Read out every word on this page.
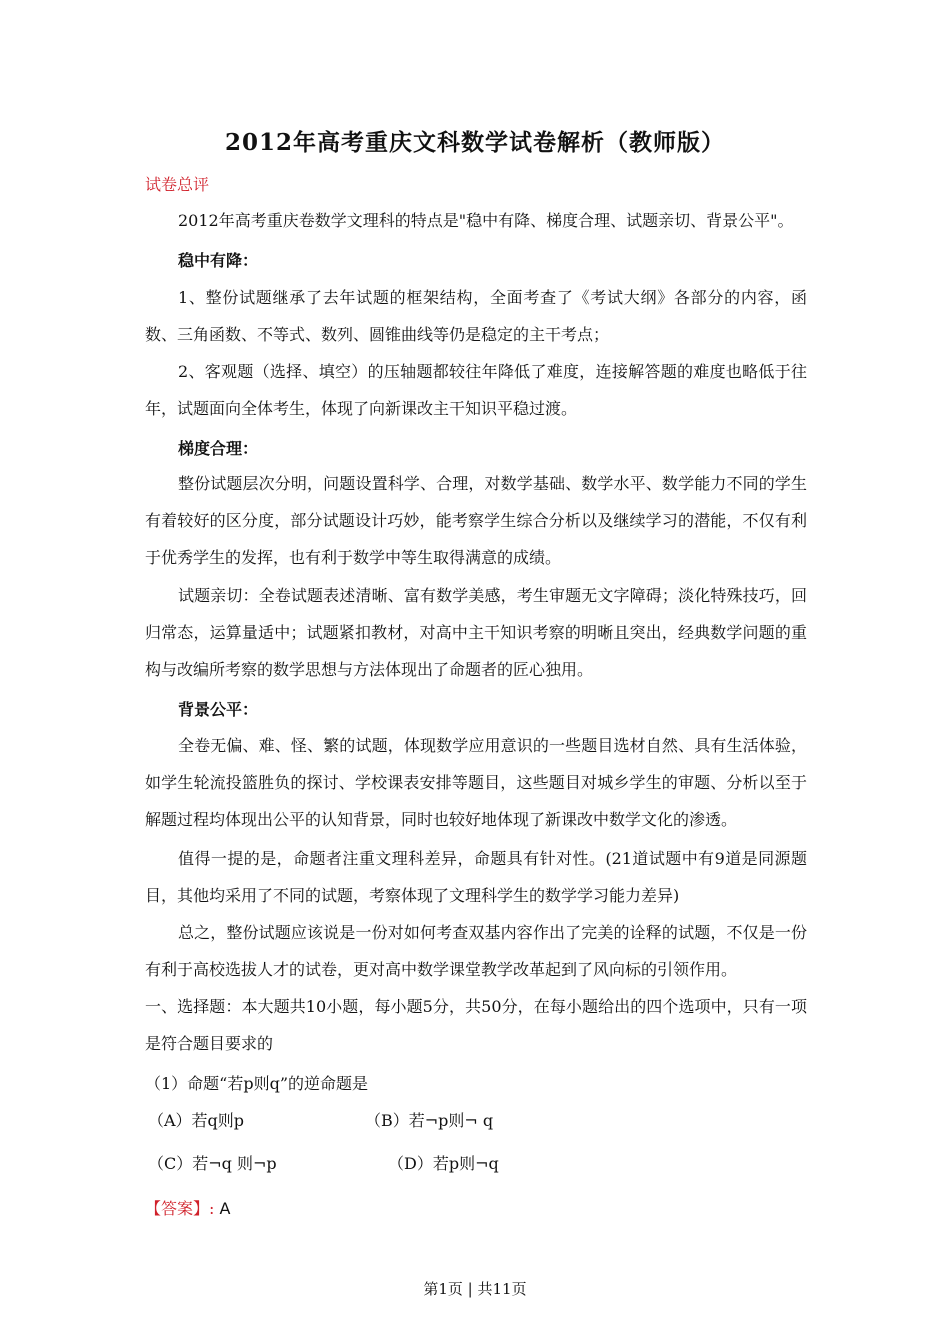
2012年高考重庆文科数学试卷解析（教师版）
试卷总评
2012年高考重庆卷数学文理科的特点是"稳中有降、梯度合理、试题亲切、背景公平"。
稳中有降：
1、整份试题继承了去年试题的框架结构，全面考查了《考试大纲》各部分的内容，函数、三角函数、不等式、数列、圆锥曲线等仍是稳定的主干考点；
2、客观题（选择、填空）的压轴题都较往年降低了难度，连接解答题的难度也略低于往年，试题面向全体考生，体现了向新课改主干知识平稳过渡。
梯度合理：
整份试题层次分明，问题设置科学、合理，对数学基础、数学水平、数学能力不同的学生有着较好的区分度，部分试题设计巧妙，能考察学生综合分析以及继续学习的潜能，不仅有利于优秀学生的发挥，也有利于数学中等生取得满意的成绩。
试题亲切：全卷试题表述清晰、富有数学美感，考生审题无文字障碍；淡化特殊技巧，回归常态，运算量适中；试题紧扣教材，对高中主干知识考察的明晰且突出，经典数学问题的重构与改编所考察的数学思想与方法体现出了命题者的匠心独用。
背景公平：
全卷无偏、难、怪、繁的试题，体现数学应用意识的一些题目选材自然、具有生活体验，如学生轮流投篮胜负的探讨、学校课表安排等题目，这些题目对城乡学生的审题、分析以至于解题过程均体现出公平的认知背景，同时也较好地体现了新课改中数学文化的渗透。
值得一提的是，命题者注重文理科差异，命题具有针对性。(21道试题中有9道是同源题目，其他均采用了不同的试题，考察体现了文理科学生的数学学习能力差异)
总之，整份试题应该说是一份对如何考查双基内容作出了完美的诠释的试题，不仅是一份有利于高校选拔人才的试卷，更对高中数学课堂教学改革起到了风向标的引领作用。
一、选择题：本大题共10小题，每小题5分，共50分，在每小题给出的四个选项中，只有一项是符合题目要求的
（1）命题“若p则q”的逆命题是
（A）若q则p	（B）若¬p则¬ q
（C）若¬q 则¬p	（D）若p则¬q
【答案】: A
第1页 | 共11页
